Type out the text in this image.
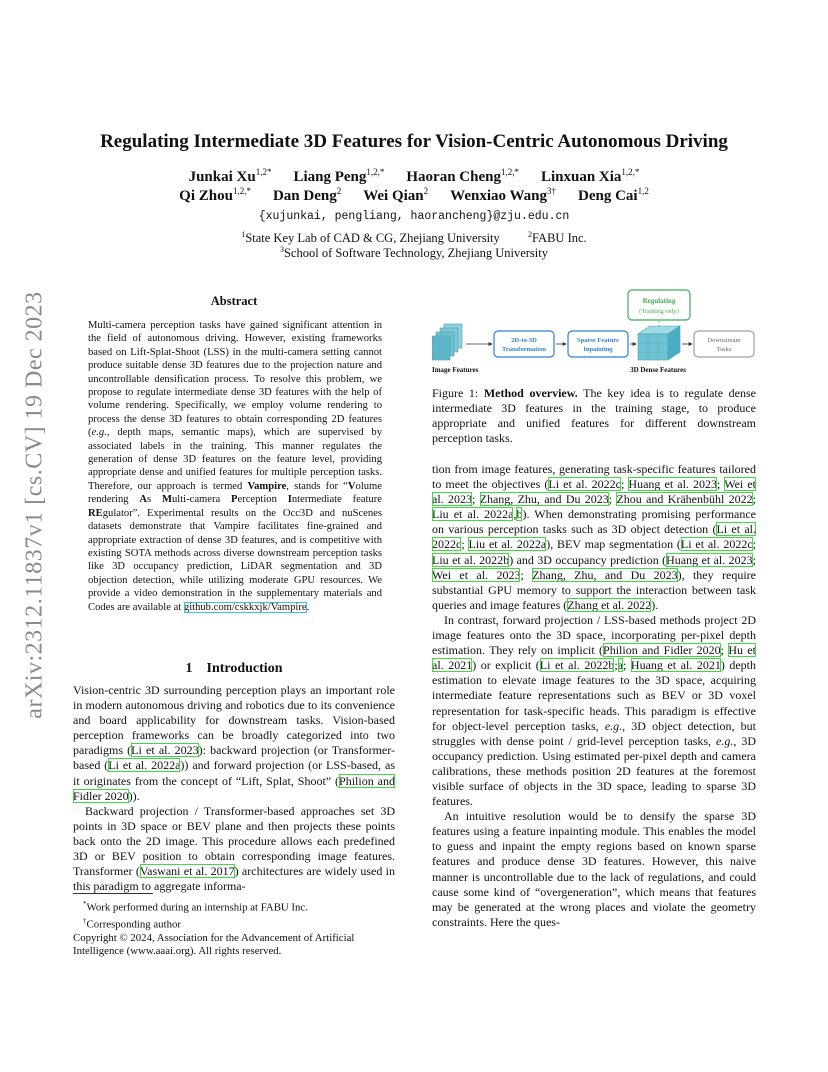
arXiv:2312.11837v1 [cs.CV] 19 Dec 2023
Regulating Intermediate 3D Features for Vision-Centric Autonomous Driving
Junkai $Xu^{1,2*}$ Liang Peng$^{1,2,*}$ Haoran Cheng$^{1,2,*}$ Linxuan Xia$^{1,2,*}$
Qi Zhou$^{1,2,*}$ Dan Deng$^2$ Wei Qian$^2$ Wenxiao Wang$^{3\dagger}$ Deng Cai$^{1,2}$
{xujunkai, pengliang, haorancheng}@zju.edu.cn
$^1$State Key Lab of CAD & CG, Zhejiang University	$^2$FABU Inc.
$^3$School of Software Technology, Zhejiang University
Abstract
Multi-camera perception tasks have gained significant attention in the field of autonomous driving. However, existing frameworks based on Lift-Splat-Shoot (LSS) in the multi-camera setting cannot produce suitable dense 3D features due to the projection nature and uncontrollable densification process. To resolve this problem, we propose to regulate intermediate dense 3D features with the help of volume rendering. Specifically, we employ volume rendering to process the dense 3D features to obtain corresponding 2D features (e.g., depth maps, semantic maps), which are supervised by associated labels in the training. This manner regulates the generation of dense 3D features on the feature level, providing appropriate dense and unified features for multiple perception tasks. Therefore, our approach is termed Vampire, stands for “Volume rendering As Multi-camera Perception Intermediate feature REgulator”. Experimental results on the Occ3D and nuScenes datasets demonstrate that Vampire facilitates fine-grained and appropriate extraction of dense 3D features, and is competitive with existing SOTA methods across diverse downstream perception tasks like 3D occupancy prediction, LiDAR segmentation and 3D objection detection, while utilizing moderate GPU resources. We provide a video demonstration in the supplementary materials and Codes are available at github.com/cskkxjk/Vampire.
1 Introduction

Vision-centric 3D surrounding perception plays an important role in modern autonomous driving and robotics due to its convenience and board applicability for downstream tasks. Vision-based perception frameworks can be broadly categorized into two paradigms (Li et al. 2023): backward projection (or Transformer-based (Li et al. 2022a)) and forward projection (or LSS-based, as it originates from the concept of “Lift, Splat, Shoot” (Philion and Fidler 2020)).

Backward projection / Transformer-based approaches set 3D points in 3D space or BEV plane and then projects these points back onto the 2D image. This procedure allows each predefined 3D or BEV position to obtain corresponding image features. Transformer (Vaswani et al. 2017) architectures are widely used in this paradigm to aggregate informa-

*Work performed during an internship at FABU Inc.

†Corresponding author

Copyright © 2024, Association for the Advancement of Artificial Intelligence (www.aaai.org). All rights reserved.

Regulating
(Training only)
2D-to-3D
Transformation
Sparse Feature
Inpainting
Downstream
Tasks
Image Features	3D Dense Features
Figure 1: Method overview. The key idea is to regulate dense intermediate 3D features in the training stage, to produce appropriate and unified features for different downstream perception tasks.

tion from image features, generating task-specific features tailored to meet the objectives (Li et al. 2022c; Huang et al. 2023; Wei et al. 2023; Zhang, Zhu, and Du 2023; Zhou and Krähenbühl 2022; Liu et al. 2022a,b). When demonstrating promising performance on various perception tasks such as 3D object detection (Li et al. 2022c; Liu et al. 2022a), BEV map segmentation (Li et al. 2022c; Liu et al. 2022b) and 3D occupancy prediction (Huang et al. 2023; Wei et al. 2023; Zhang, Zhu, and Du 2023), they require substantial GPU memory to support the interaction between task queries and image features (Zhang et al. 2022).

In contrast, forward projection / LSS-based methods project 2D image features onto the 3D space, incorporating per-pixel depth estimation. They rely on implicit (Philion and Fidler 2020; Hu et al. 2021) or explicit (Li et al. 2022b;a; Huang et al. 2021) depth estimation to elevate image features to the 3D space, acquiring intermediate feature representations such as BEV or 3D voxel representation for task-specific heads. This paradigm is effective for object-level perception tasks, e.g., 3D object detection, but struggles with dense point / grid-level perception tasks, e.g., 3D occupancy prediction. Using estimated per-pixel depth and camera calibrations, these methods position 2D features at the foremost visible surface of objects in the 3D space, leading to sparse 3D features.

An intuitive resolution would be to densify the sparse 3D features using a feature inpainting module. This enables the model to guess and inpaint the empty regions based on known sparse features and produce dense 3D features. However, this naive manner is uncontrollable due to the lack of regulations, and could cause some kind of “overgeneration”, which means that features may be generated at the wrong places and violate the geometry constraints. Here the ques-
